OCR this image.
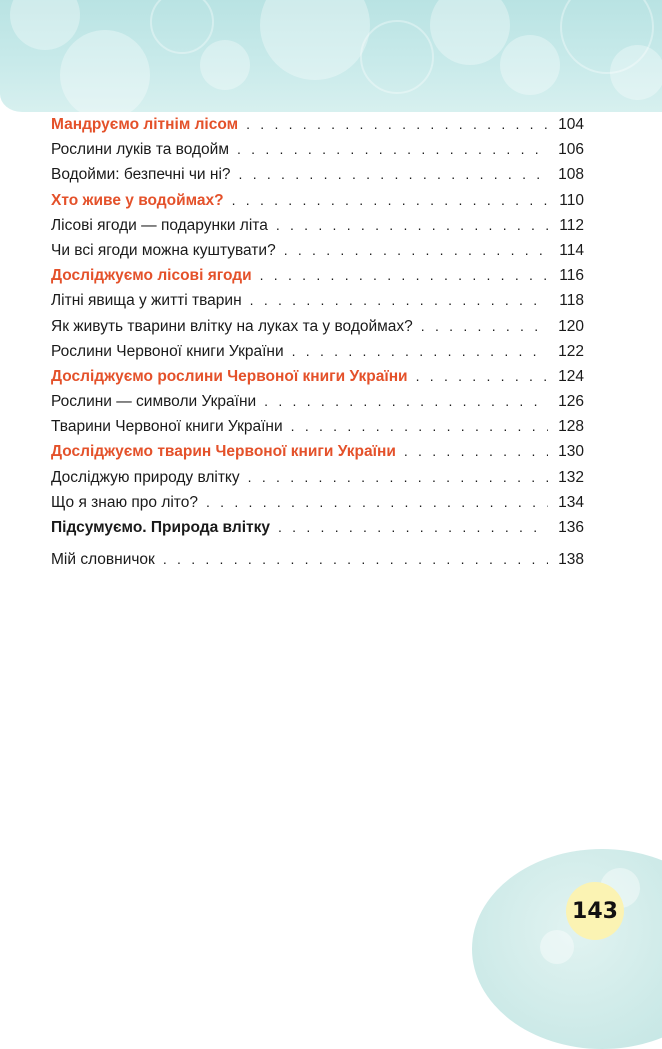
Мандруємо літнім лісом . . .	104
Рослини луків та водойм . . .	106
Водойми: безпечні чи ні? . . .	108
Хто живе у водоймах? . . .	110
Лісові ягоди — подарунки літа . . .	112
Чи всі ягоди можна куштувати? . . .	114
Досліджуємо лісові ягоди . . .	116
Літні явища у житті тварин . . .	118
Як живуть тварини влітку на луках та у водоймах? . . .	120
Рослини Червоної книги України . . .	122
Досліджуємо рослини Червоної книги України . . .	124
Рослини — символи України . . .	126
Тварини Червоної книги України . . .	128
Досліджуємо тварин Червоної книги України . . .	130
Досліджую природу влітку . . .	132
Що я знаю про літо? . . .	134
Підсумуємо. Природа влітку . . .	136
Мій словничок . . .	138
143
